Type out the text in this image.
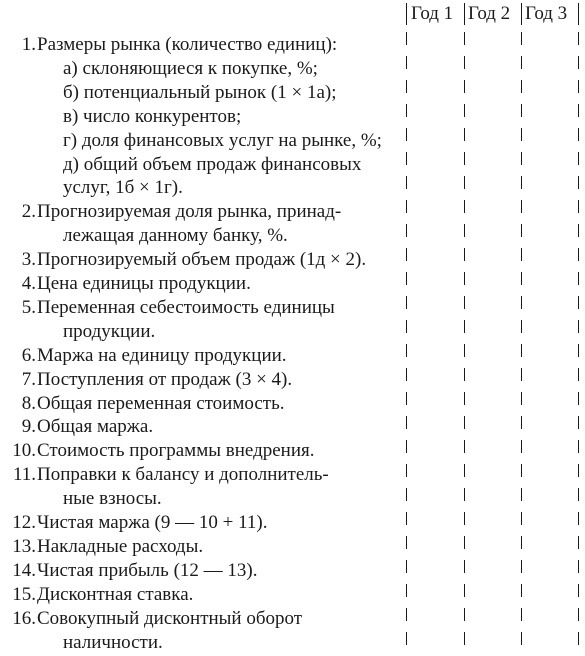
Год 1 Год 2 Год 3
1. Размеры рынка (количество единиц):
а) склоняющиеся к покупке, %;
б) потенциальный рынок (1 × 1а);
в) число конкурентов;
г) доля финансовых услуг на рынке, %;
д) общий объем продаж финансовых
услуг, 1б × 1г).
2. Прогнозируемая доля рынка, принад-
лежащая данному банку, %.
3. Прогнозируемый объем продаж (1д × 2).
4. Цена единицы продукции.
5. Переменная себестоимость единицы
продукции.
6. Маржа на единицу продукции.
7. Поступления от продаж (3 × 4).
8. Общая переменная стоимость.
9. Общая маржа.
10. Стоимость программы внедрения.
11. Поправки к балансу и дополнитель-
ные взносы.
12. Чистая маржа (9 — 10 + 11).
13. Накладные расходы.
14. Чистая прибыль (12 — 13).
15. Дисконтная ставка.
16. Совокупный дисконтный оборот
наличности.
